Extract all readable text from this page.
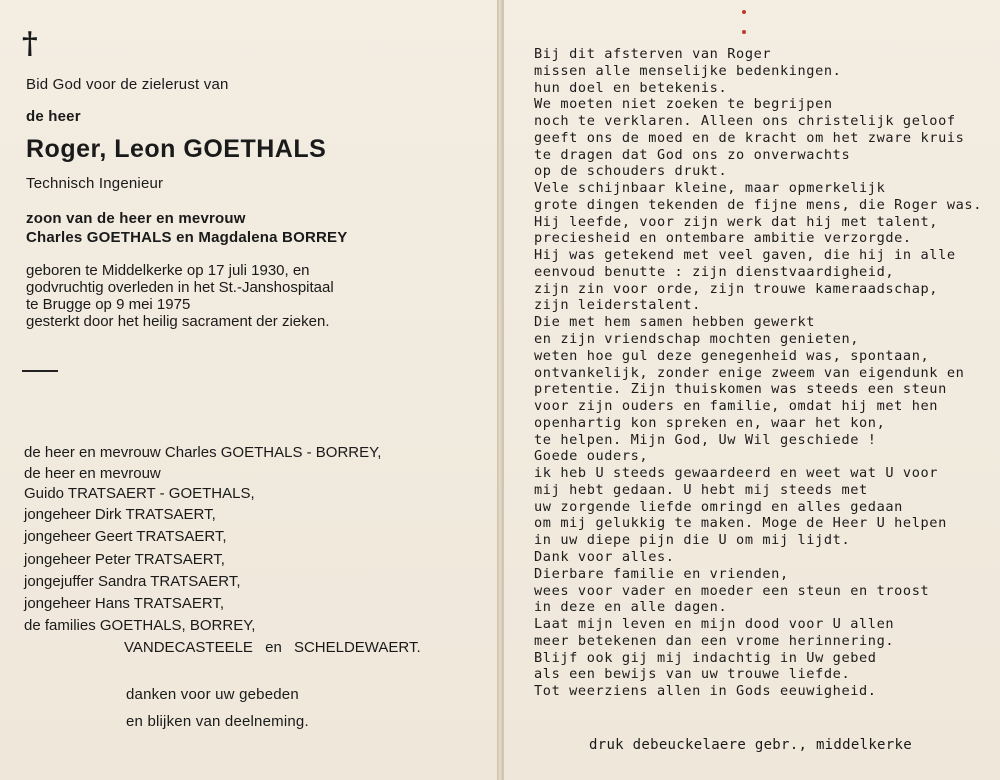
†
Bid God voor de zielerust van
de heer
Roger, Leon GOETHALS
Technisch Ingenieur
zoon van de heer en mevrouw
Charles GOETHALS en Magdalena BORREY
geboren te Middelkerke op 17 juli 1930, en
godvruchtig overleden in het St.-Janshospitaal
te Brugge op 9 mei 1975
gesterkt door het heilig sacrament der zieken.
de heer en mevrouw Charles GOETHALS - BORREY,
de heer en mevrouw
Guido TRATSAERT - GOETHALS,
jongeheer Dirk TRATSAERT,
jongeheer Geert TRATSAERT,
jongeheer Peter TRATSAERT,
jongejuffer Sandra TRATSAERT,
jongeheer Hans TRATSAERT,
de families GOETHALS, BORREY,
VANDECASTEELE en SCHELDEWAERT.
danken voor uw gebeden
en blijken van deelneming.
Bij dit afsterven van Roger
missen alle menselijke bedenkingen.
hun doel en betekenis.
We moeten niet zoeken te begrijpen
noch te verklaren. Alleen ons christelijk geloof
geeft ons de moed en de kracht om het zware kruis
te dragen dat God ons zo onverwachts
op de schouders drukt.
Vele schijnbaar kleine, maar opmerkelijk
grote dingen tekenden de fijne mens, die Roger was.
Hij leefde, voor zijn werk dat hij met talent,
preciesheid en ontembare ambitie verzorgde.
Hij was getekend met veel gaven, die hij in alle
eenvoud benutte : zijn dienstvaardigheid,
zijn zin voor orde, zijn trouwe kameraadschap,
zijn leiderstalent.
Die met hem samen hebben gewerkt
en zijn vriendschap mochten genieten,
weten hoe gul deze genegenheid was, spontaan,
ontvankelijk, zonder enige zweem van eigendunk en
pretentie. Zijn thuiskomen was steeds een steun
voor zijn ouders en familie, omdat hij met hen
openhartig kon spreken en, waar het kon,
te helpen. Mijn God, Uw Wil geschiede !
Goede ouders,
ik heb U steeds gewaardeerd en weet wat U voor
mij hebt gedaan. U hebt mij steeds met
uw zorgende liefde omringd en alles gedaan
om mij gelukkig te maken. Moge de Heer U helpen
in uw diepe pijn die U om mij lijdt.
Dank voor alles.
Dierbare familie en vrienden,
wees voor vader en moeder een steun en troost
in deze en alle dagen.
Laat mijn leven en mijn dood voor U allen
meer betekenen dan een vrome herinnering.
Blijf ook gij mij indachtig in Uw gebed
als een bewijs van uw trouwe liefde.
Tot weerziens allen in Gods eeuwigheid.
druk debeuckelaere gebr., middelkerke
